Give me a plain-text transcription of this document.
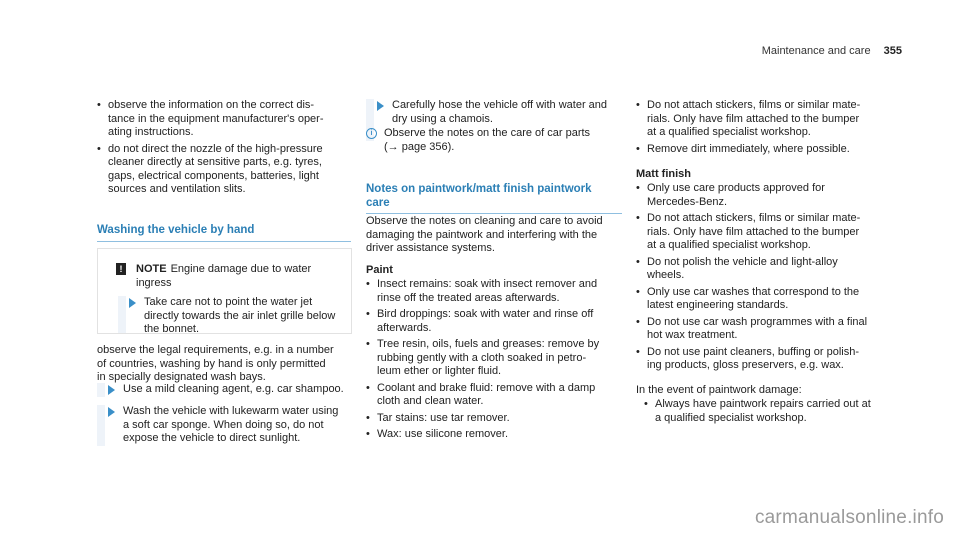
Maintenance and care 355
• observe the information on the correct dis-
tance in the equipment manufacturer's oper-
ating instructions.
• do not direct the nozzle of the high-pressure
cleaner directly at sensitive parts, e.g. tyres,
gaps, electrical components, batteries, light
sources and ventilation slits.
Washing the vehicle by hand
! NOTE Engine damage due to water
ingress
Take care not to point the water jet
directly towards the air inlet grille below
the bonnet.
observe the legal requirements, e.g. in a number
of countries, washing by hand is only permitted
in specially designated wash bays.
Use a mild cleaning agent, e.g. car shampoo.
Wash the vehicle with lukewarm water using
a soft car sponge. When doing so, do not
expose the vehicle to direct sunlight.
Carefully hose the vehicle off with water and
dry using a chamois.
i	Observe the notes on the care of car parts
(→ page 356).
Notes on paintwork/matt finish paintwork
care
Observe the notes on cleaning and care to avoid
damaging the paintwork and interfering with the
driver assistance systems.
Paint
• Insect remains: soak with insect remover and
rinse off the treated areas afterwards.
• Bird droppings: soak with water and rinse off
afterwards.
• Tree resin, oils, fuels and greases: remove by
rubbing gently with a cloth soaked in petro-
leum ether or lighter fluid.
• Coolant and brake fluid: remove with a damp
cloth and clean water.
• Tar stains: use tar remover.
• Wax: use silicone remover.
• Do not attach stickers, films or similar mate-
rials. Only have film attached to the bumper
at a qualified specialist workshop.
• Remove dirt immediately, where possible.
Matt finish
• Only use care products approved for
Mercedes-Benz.
• Do not attach stickers, films or similar mate-
rials. Only have film attached to the bumper
at a qualified specialist workshop.
• Do not polish the vehicle and light-alloy
wheels.
• Only use car washes that correspond to the
latest engineering standards.
• Do not use car wash programmes with a final
hot wax treatment.
• Do not use paint cleaners, buffing or polish-
ing products, gloss preservers, e.g. wax.
In the event of paintwork damage:
• Always have paintwork repairs carried out at
a qualified specialist workshop.
carmanualsonline.info
